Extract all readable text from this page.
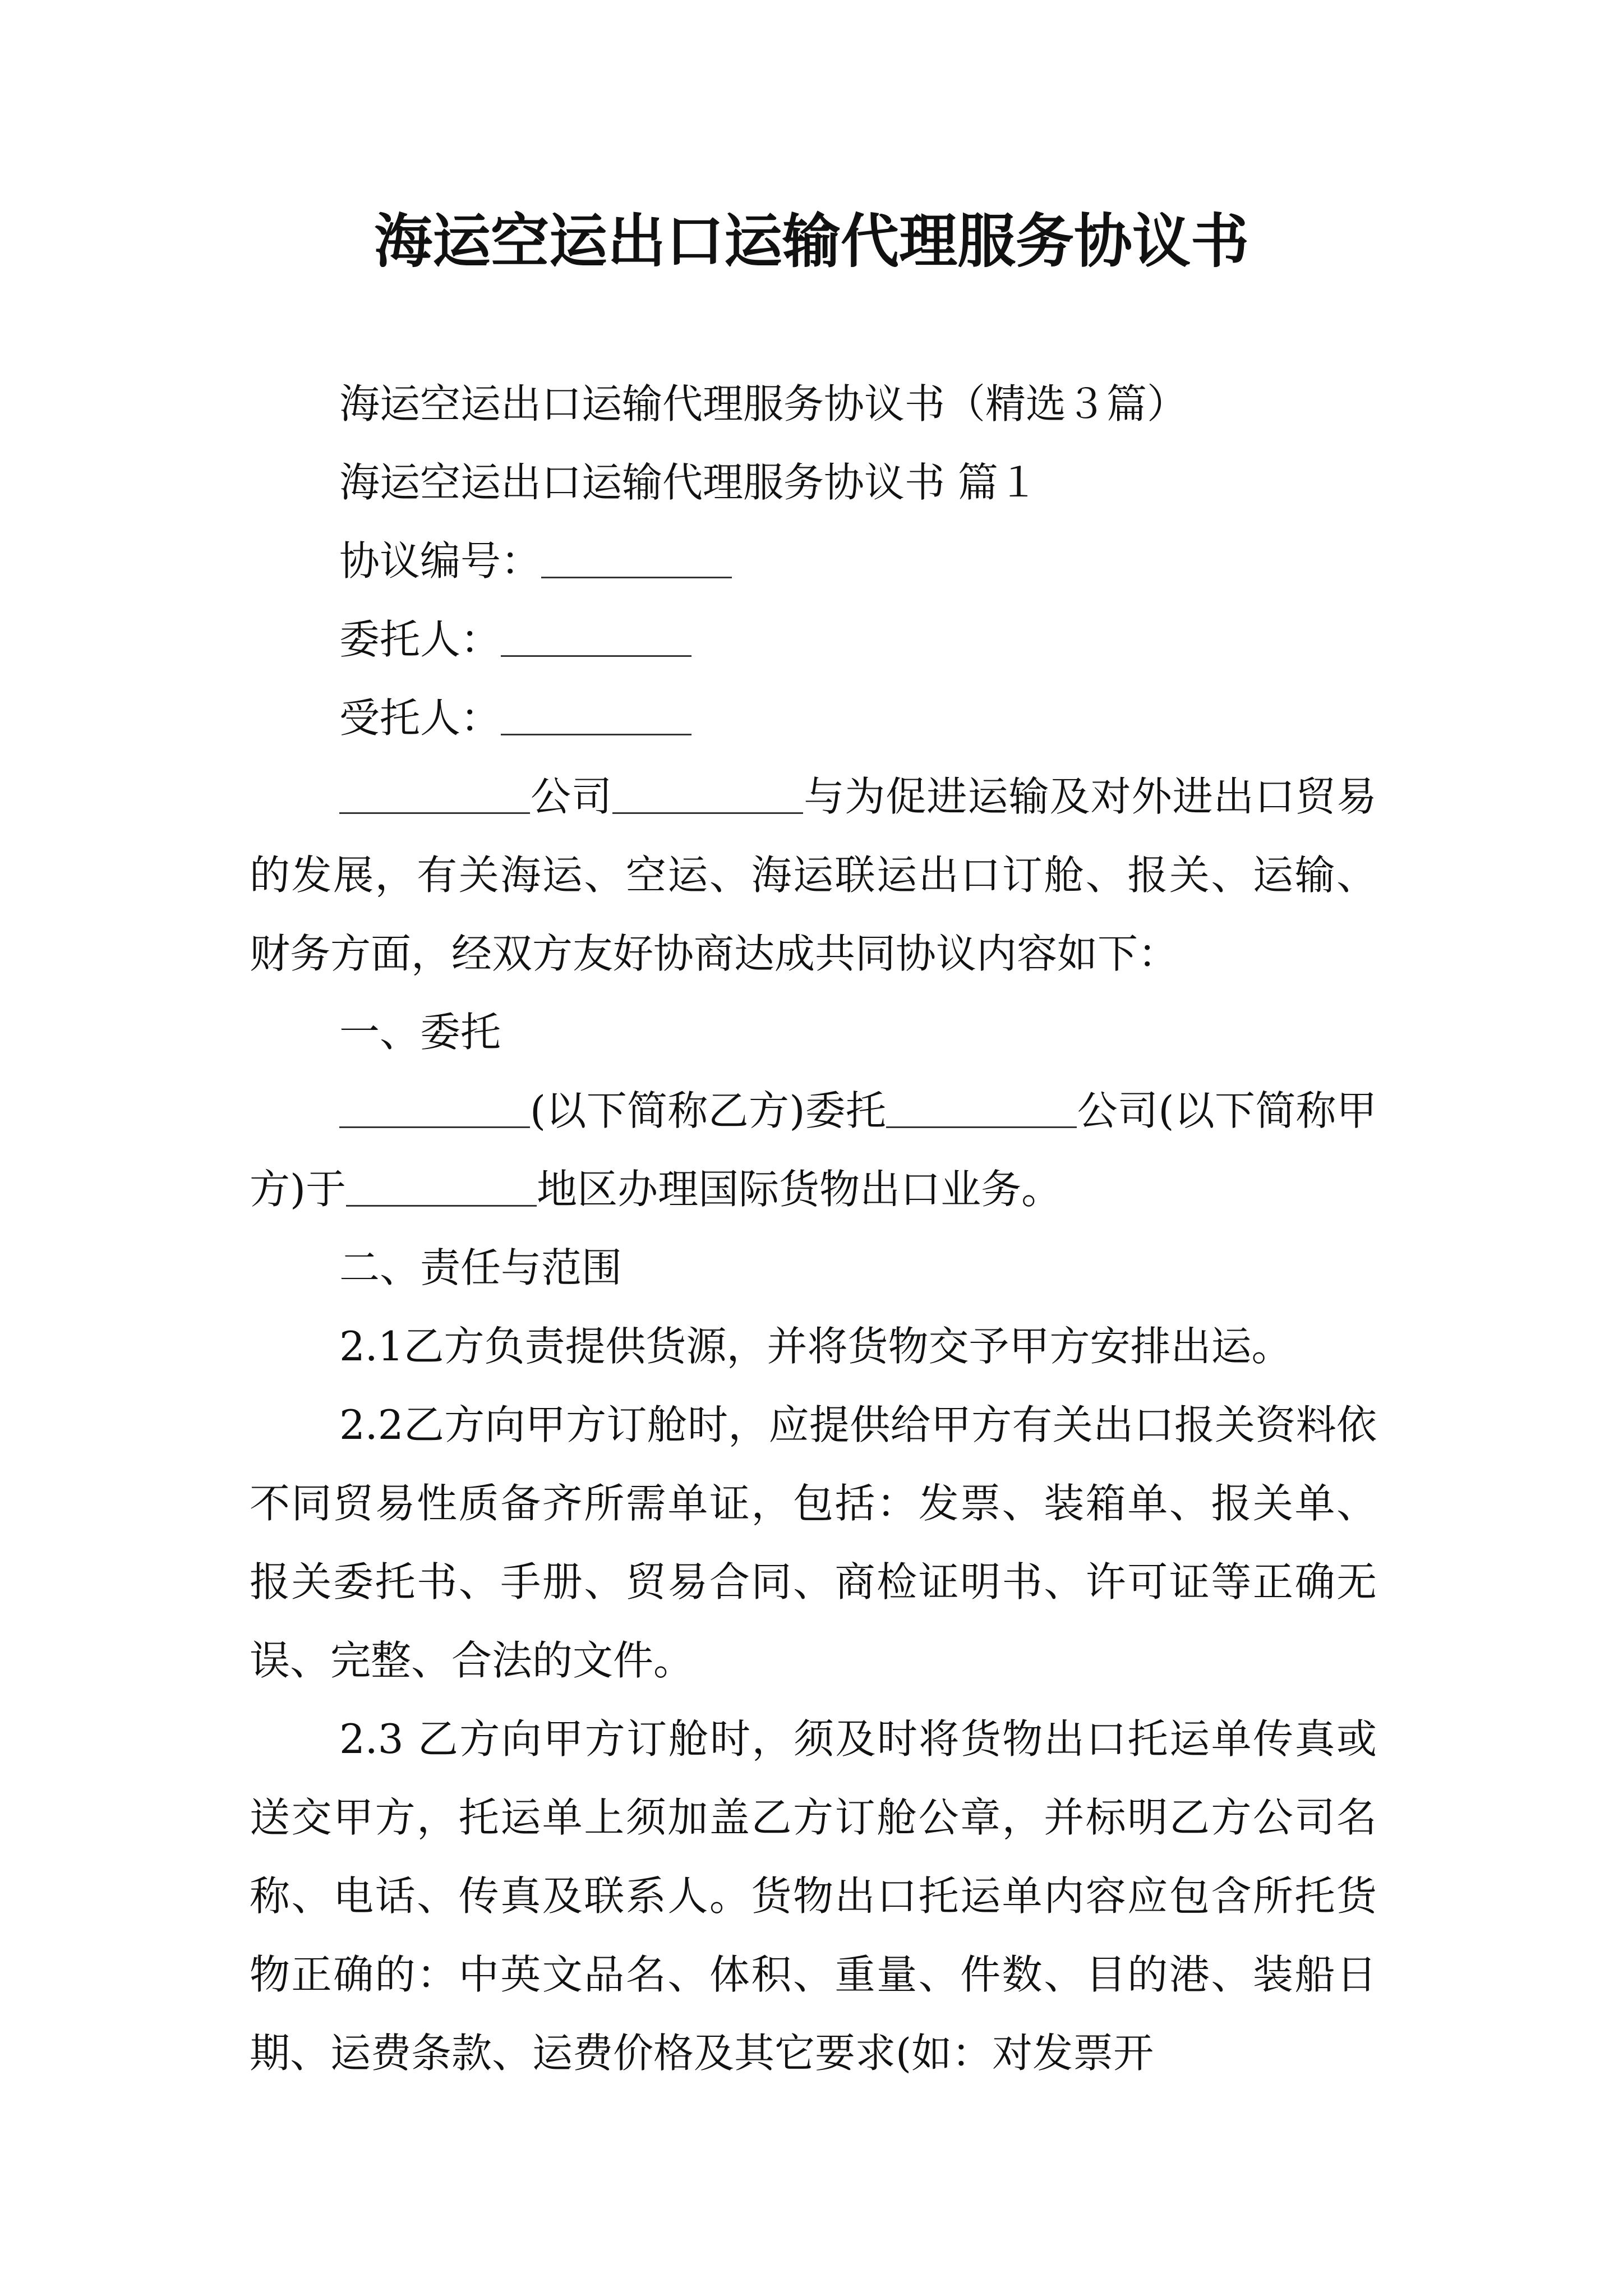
海运空运出口运输代理服务协议书

海运空运出口运输代理服务协议书（精选３篇）

海运空运出口运输代理服务协议书 篇１

协议编号：

委托人：

受托人：

公司	与为促进运输及对外进出口贸易的发展，有关海运、空运、海运联运出口订舱、报关、运输、财务方面，经双方友好协商达成共同协议内容如下：

一、委托

(以下简称乙方)委托	公司(以下简称甲方)于	地区办理国际货物出口业务。

二、责任与范围

2.1乙方负责提供货源，并将货物交予甲方安排出运。

2.2乙方向甲方订舱时，应提供给甲方有关出口报关资料依不同贸易性质备齐所需单证，包括：发票、装箱单、报关单、报关委托书、手册、贸易合同、商检证明书、许可证等正确无误、完整、合法的文件。

2.3 乙方向甲方订舱时，须及时将货物出口托运单传真或送交甲方，托运单上须加盖乙方订舱公章，并标明乙方公司名称、电话、传真及联系人。货物出口托运单内容应包含所托货物正确的：中英文品名、体积、重量、件数、目的港、装船日期、运费条款、运费价格及其它要求(如：对发票开
